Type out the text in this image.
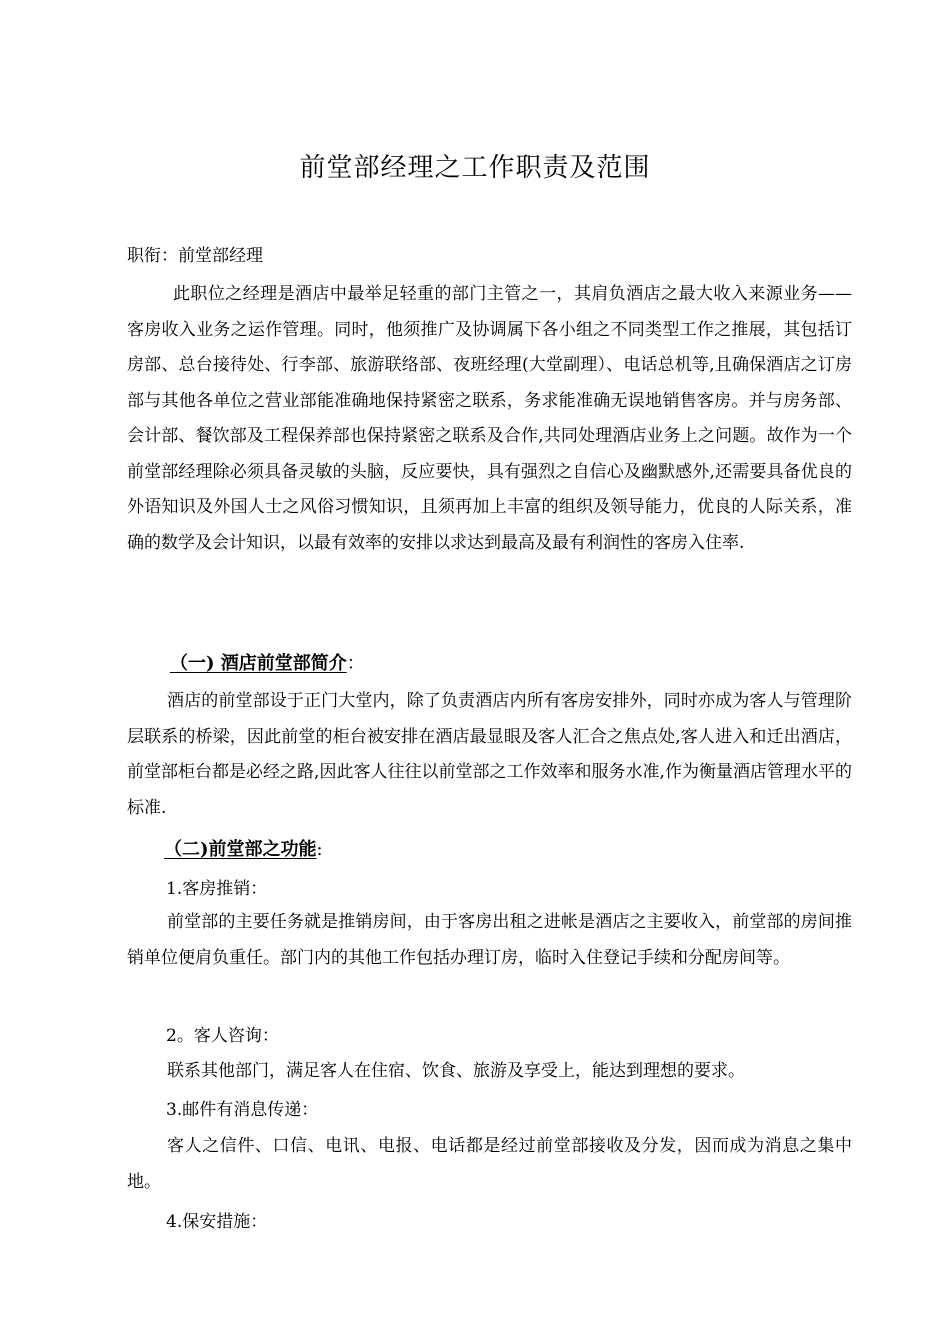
前堂部经理之工作职责及范围
职衔：前堂部经理
此职位之经理是酒店中最举足轻重的部门主管之一，其肩负酒店之最大收入来源业务——客房收入业务之运作管理。同时，他须推广及协调属下各小组之不同类型工作之推展，其包括订房部、总台接待处、行李部、旅游联络部、夜班经理(大堂副理）、电话总机等,且确保酒店之订房部与其他各单位之营业部能准确地保持紧密之联系，务求能准确无误地销售客房。并与房务部、会计部、餐饮部及工程保养部也保持紧密之联系及合作,共同处理酒店业务上之问题。故作为一个前堂部经理除必须具备灵敏的头脑，反应要快，具有强烈之自信心及幽默感外,还需要具备优良的外语知识及外国人士之风俗习惯知识，且须再加上丰富的组织及领导能力，优良的人际关系，准确的数学及会计知识，以最有效率的安排以求达到最高及最有利润性的客房入住率.
（一) 酒店前堂部简介：
酒店的前堂部设于正门大堂内，除了负责酒店内所有客房安排外，同时亦成为客人与管理阶层联系的桥梁，因此前堂的柜台被安排在酒店最显眼及客人汇合之焦点处,客人进入和迁出酒店，前堂部柜台都是必经之路,因此客人往往以前堂部之工作效率和服务水准,作为衡量酒店管理水平的标准.
（二)前堂部之功能:
1.客房推销：
前堂部的主要任务就是推销房间，由于客房出租之进帐是酒店之主要收入，前堂部的房间推销单位便肩负重任。部门内的其他工作包括办理订房，临时入住登记手续和分配房间等。
2。客人咨询：
联系其他部门，满足客人在住宿、饮食、旅游及享受上，能达到理想的要求。
3.邮件有消息传递：
客人之信件、口信、电讯、电报、电话都是经过前堂部接收及分发，因而成为消息之集中地。
4.保安措施：
